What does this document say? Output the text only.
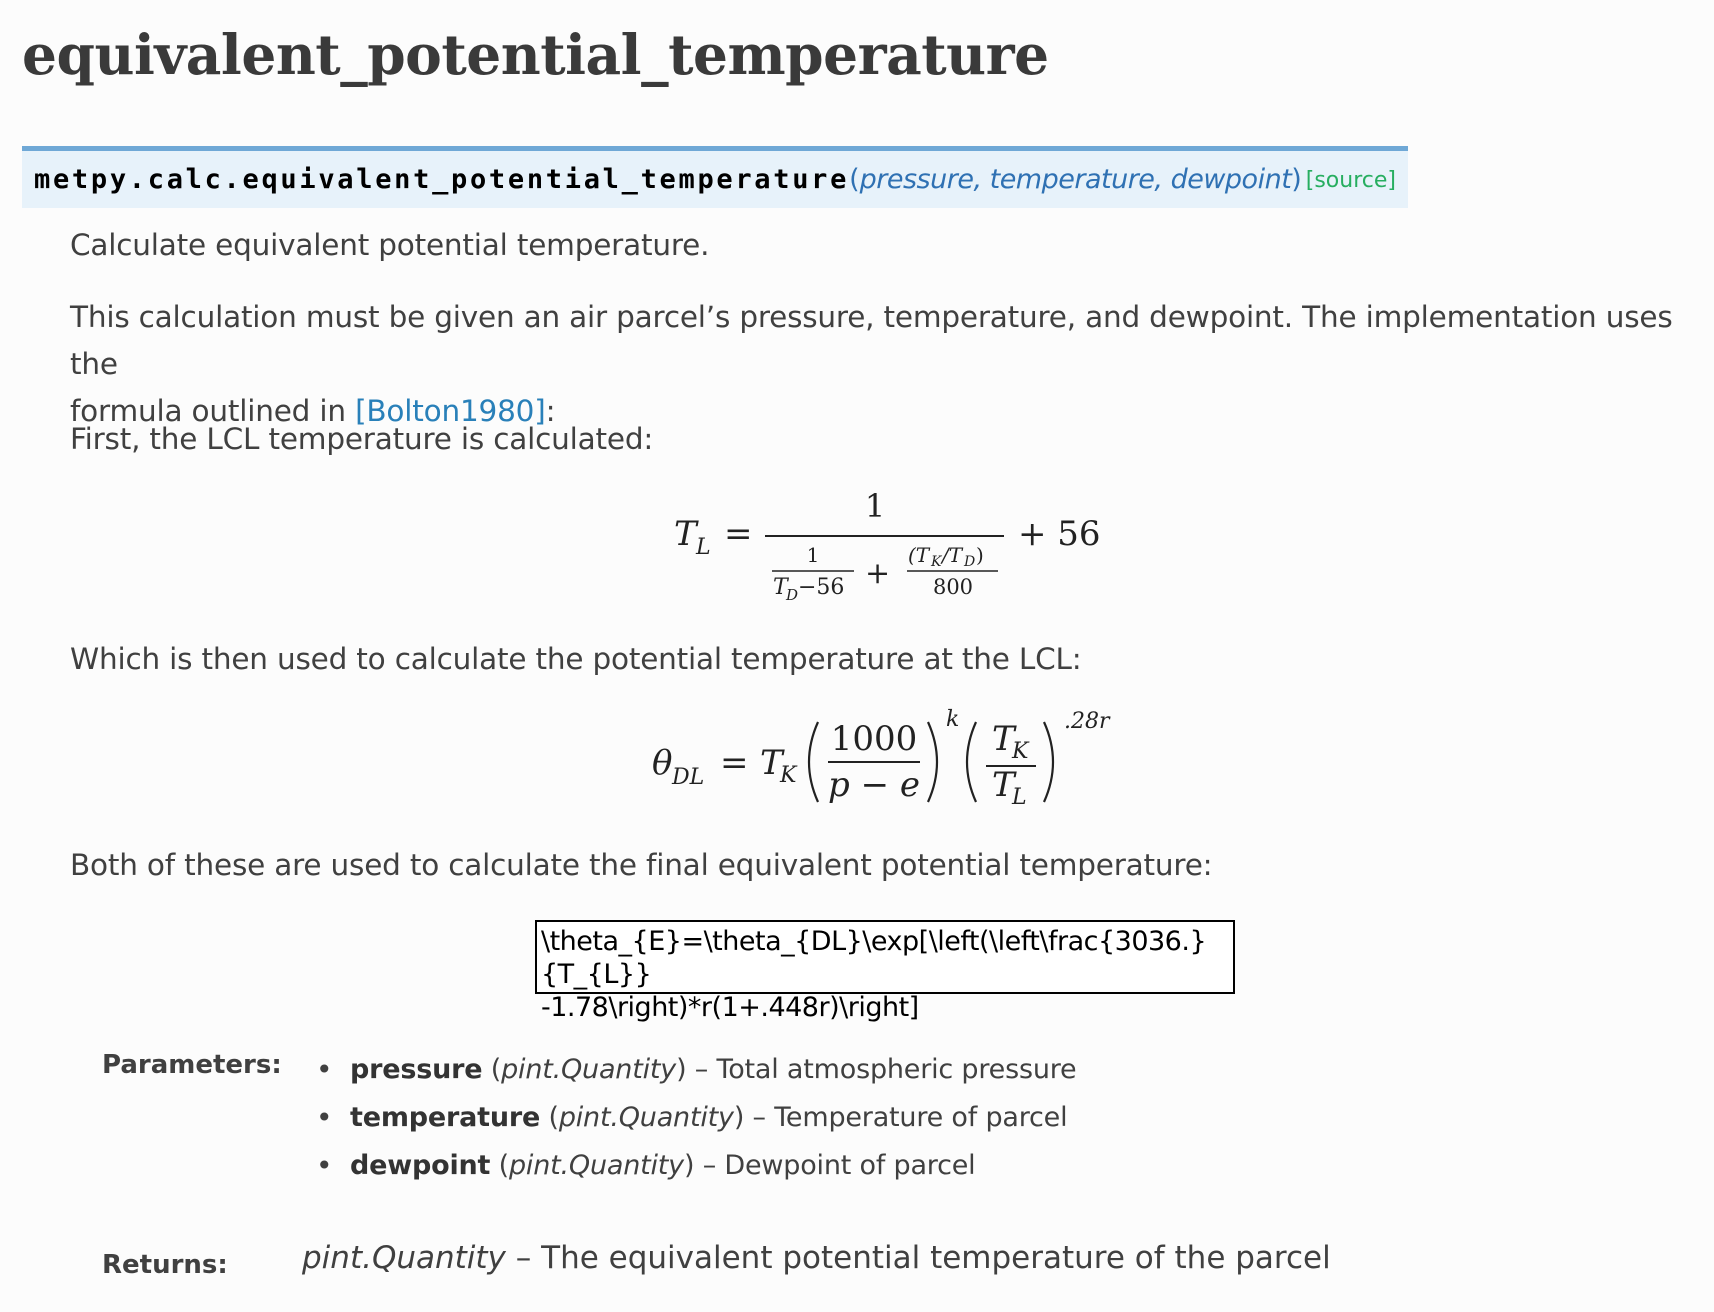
equivalent_potential_temperature
metpy.calc.equivalent_potential_temperature ( pressure, temperature, dewpoint ) [source]

Calculate equivalent potential temperature.

This calculation must be given an air parcel’s pressure, temperature, and dewpoint. The implementation uses the
formula outlined in [Bolton1980]:

First, the LCL temperature is calculated:

T L =
1
1
T
D −56 +
(T K /T D )
800
+ 56

Which is then used to calculate the potential temperature at the LCL:

θ DL = T
K
1000
p − e
k T
K
T
L
.28r

Both of these are used to calculate the final equivalent potential temperature:

\theta_{E}=\theta_{DL}\exp[\left(\left\frac{3036.}{T_{L}}
-1.78\right)*r(1+.448r)\right]
Parameters: • pressure (pint.Quantity) – Total atmospheric pressure
• temperature (pint.Quantity) – Temperature of parcel
• dewpoint (pint.Quantity) – Dewpoint of parcel
Returns: pint.Quantity – The equivalent potential temperature of the parcel
